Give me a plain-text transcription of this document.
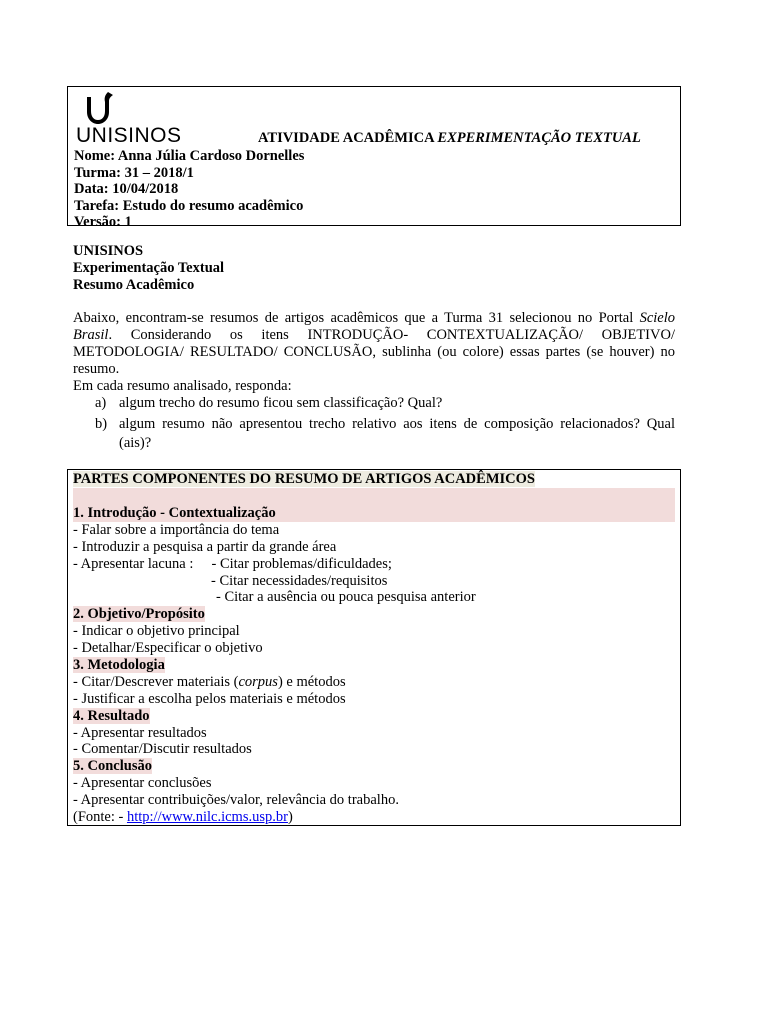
UNISINOS	ATIVIDADE ACADÊMICA EXPERIMENTAÇÃO TEXTUAL
Nome: Anna Júlia Cardoso Dornelles
Turma: 31 – 2018/1
Data: 10/04/2018
Tarefa: Estudo do resumo acadêmico
Versão: 1
UNISINOS
Experimentação Textual
Resumo Acadêmico
Abaixo, encontram-se resumos de artigos acadêmicos que a Turma 31 selecionou no Portal Scielo Brasil. Considerando os itens INTRODUÇÃO- CONTEXTUALIZAÇÃO/ OBJETIVO/ METODOLOGIA/ RESULTADO/ CONCLUSÃO, sublinha (ou colore) essas partes (se houver) no resumo.
Em cada resumo analisado, responda:
a) algum trecho do resumo ficou sem classificação? Qual?
b) algum resumo não apresentou trecho relativo aos itens de composição relacionados? Qual (ais)?
PARTES COMPONENTES DO RESUMO DE ARTIGOS ACADÊMICOS
1. Introdução - Contextualização
- Falar sobre a importância do tema
- Introduzir a pesquisa a partir da grande área
- Apresentar lacuna :     - Citar problemas/dificuldades;
- Citar necessidades/requisitos
- Citar a ausência ou pouca pesquisa anterior
2. Objetivo/Propósito
- Indicar o objetivo principal
- Detalhar/Especificar o objetivo
3. Metodologia
- Citar/Descrever materiais (corpus) e métodos
- Justificar a escolha pelos materiais e métodos
4. Resultado
- Apresentar resultados
- Comentar/Discutir resultados
5. Conclusão
- Apresentar conclusões
- Apresentar contribuições/valor, relevância do trabalho.
(Fonte: - http://www.nilc.icms.usp.br)
